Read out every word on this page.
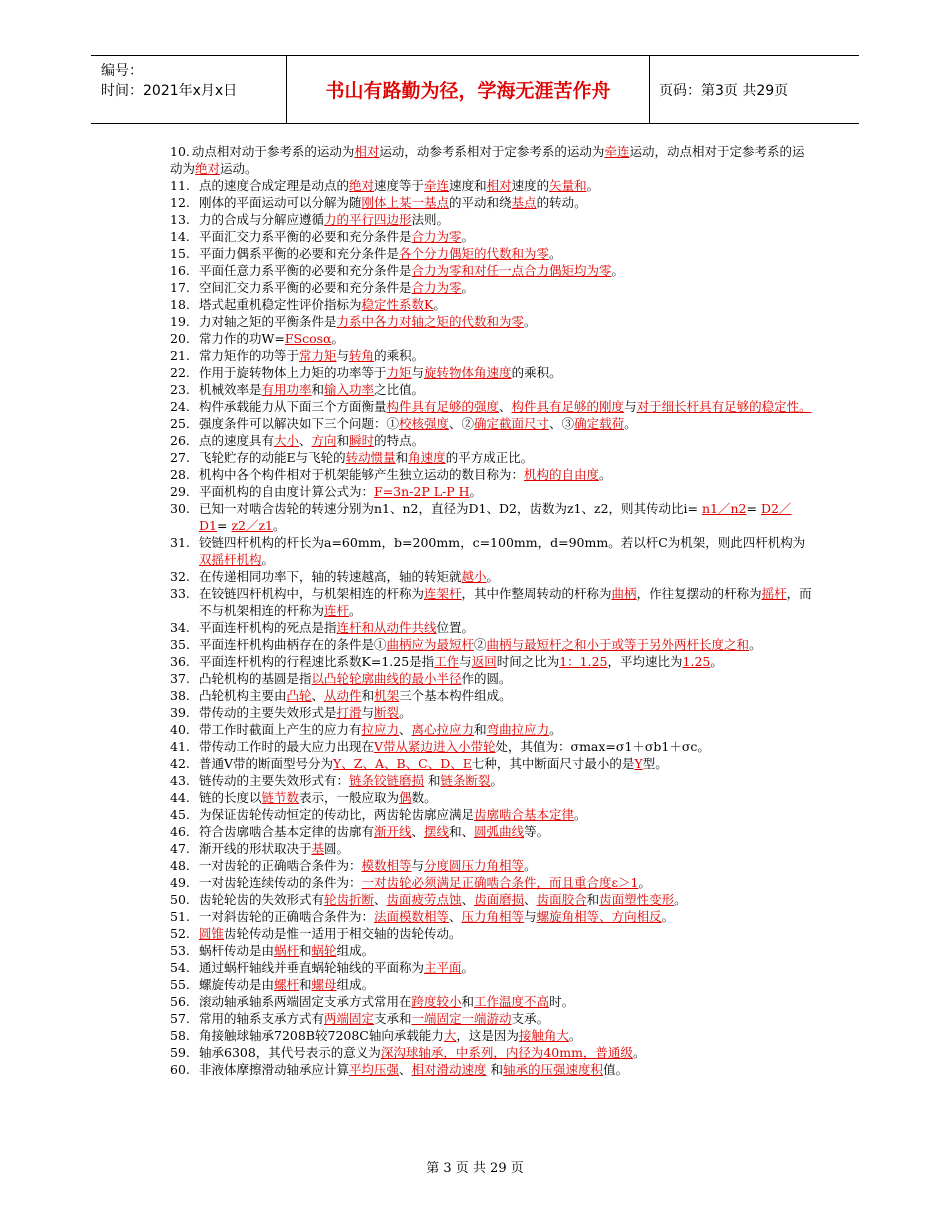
编号：
时间：2021年x月x日	书山有路勤为径，学海无涯苦作舟	页码：第3页 共29页
10. 动点相对动于参考系的运动为相对运动，动参考系相对于定参考系的运动为牵连运动，动点相对于定参考系的运动为绝对运动。
11. 点的速度合成定理是动点的绝对速度等于牵连速度和相对速度的矢量和。
12. 刚体的平面运动可以分解为随刚体上某一基点的平动和绕基点的转动。
13. 力的合成与分解应遵循力的平行四边形法则。
14. 平面汇交力系平衡的必要和充分条件是合力为零。
15. 平面力偶系平衡的必要和充分条件是各个分力偶矩的代数和为零。
16. 平面任意力系平衡的必要和充分条件是合力为零和对任一点合力偶矩均为零。
17. 空间汇交力系平衡的必要和充分条件是合力为零。
18. 塔式起重机稳定性评价指标为稳定性系数K。
19. 力对轴之矩的平衡条件是力系中各力对轴之矩的代数和为零。
20. 常力作的功W=FScosα。
21. 常力矩作的功等于常力矩与转角的乘积。
22. 作用于旋转物体上力矩的功率等于力矩与旋转物体角速度的乘积。
23. 机械效率是有用功率和输入功率之比值。
24. 构件承载能力从下面三个方面衡量构件具有足够的强度、构件具有足够的刚度与对于细长杆具有足够的稳定性。
25. 强度条件可以解决如下三个问题：①校核强度、②确定截面尺寸、③确定载荷。
26. 点的速度具有大小、方向和瞬时的特点。
27. 飞轮贮存的动能E与飞轮的转动惯量和角速度的平方成正比。
28. 机构中各个构件相对于机架能够产生独立运动的数目称为：机构的自由度。
29. 平面机构的自由度计算公式为：F=3n-2P L-P H。
30. 已知一对啮合齿轮的转速分别为n1、n2，直径为D1、D2，齿数为z1、z2，则其传动比i= n1／n2= D2／D1= z2／z1。
31. 铰链四杆机构的杆长为a=60mm，b=200mm，c=100mm，d=90mm。若以杆C为机架，则此四杆机构为双摇杆机构。
32. 在传递相同功率下，轴的转速越高，轴的转矩就越小。
33. 在铰链四杆机构中，与机架相连的杆称为连架杆，其中作整周转动的杆称为曲柄，作往复摆动的杆称为摇杆，而不与机架相连的杆称为连杆。
34. 平面连杆机构的死点是指连杆和从动件共线位置。
35. 平面连杆机构曲柄存在的条件是①曲柄应为最短杆②曲柄与最短杆之和小于或等于另外两杆长度之和。
36. 平面连杆机构的行程速比系数K=1.25是指工作与返回时间之比为1：1.25，平均速比为1.25。
37. 凸轮机构的基圆是指以凸轮轮廓曲线的最小半径作的圆。
38. 凸轮机构主要由凸轮、从动件和机架三个基本构件组成。
39. 带传动的主要失效形式是打滑与断裂。
40. 带工作时截面上产生的应力有拉应力、离心拉应力和弯曲拉应力。
41. 带传动工作时的最大应力出现在V带从紧边进入小带轮处，其值为：σmax=σ1＋σb1＋σc。
42. 普通V带的断面型号分为Y、Z、A、B、C、D、E七种，其中断面尺寸最小的是Y型。
43. 链传动的主要失效形式有：链条铰链磨损 和链条断裂。
44. 链的长度以链节数表示，一般应取为偶数。
45. 为保证齿轮传动恒定的传动比，两齿轮齿廓应满足齿廓啮合基本定律。
46. 符合齿廓啮合基本定律的齿廓有渐开线、摆线和、圆弧曲线等。
47. 渐开线的形状取决于基圆。
48. 一对齿轮的正确啮合条件为：模数相等与分度圆压力角相等。
49. 一对齿轮连续传动的条件为：一对齿轮必须满足正确啮合条件，而且重合度ε＞1。
50. 齿轮轮齿的失效形式有轮齿折断、齿面疲劳点蚀、齿面磨损、齿面胶合和齿面塑性变形。
51. 一对斜齿轮的正确啮合条件为：法面模数相等、压力角相等与螺旋角相等、方向相反。
52. 圆锥齿轮传动是惟一适用于相交轴的齿轮传动。
53. 蜗杆传动是由蜗杆和蜗轮组成。
54. 通过蜗杆轴线并垂直蜗轮轴线的平面称为主平面。
55. 螺旋传动是由螺杆和螺母组成。
56. 滚动轴承轴系两端固定支承方式常用在跨度较小和工作温度不高时。
57. 常用的轴系支承方式有两端固定支承和一端固定一端游动支承。
58. 角接触球轴承7208B较7208C轴向承载能力大，这是因为接触角大。
59. 轴承6308，其代号表示的意义为深沟球轴承，中系列，内径为40mm，普通级。
60. 非液体摩擦滑动轴承应计算平均压强、相对滑动速度 和轴承的压强速度积值。
第 3 页 共 29 页
